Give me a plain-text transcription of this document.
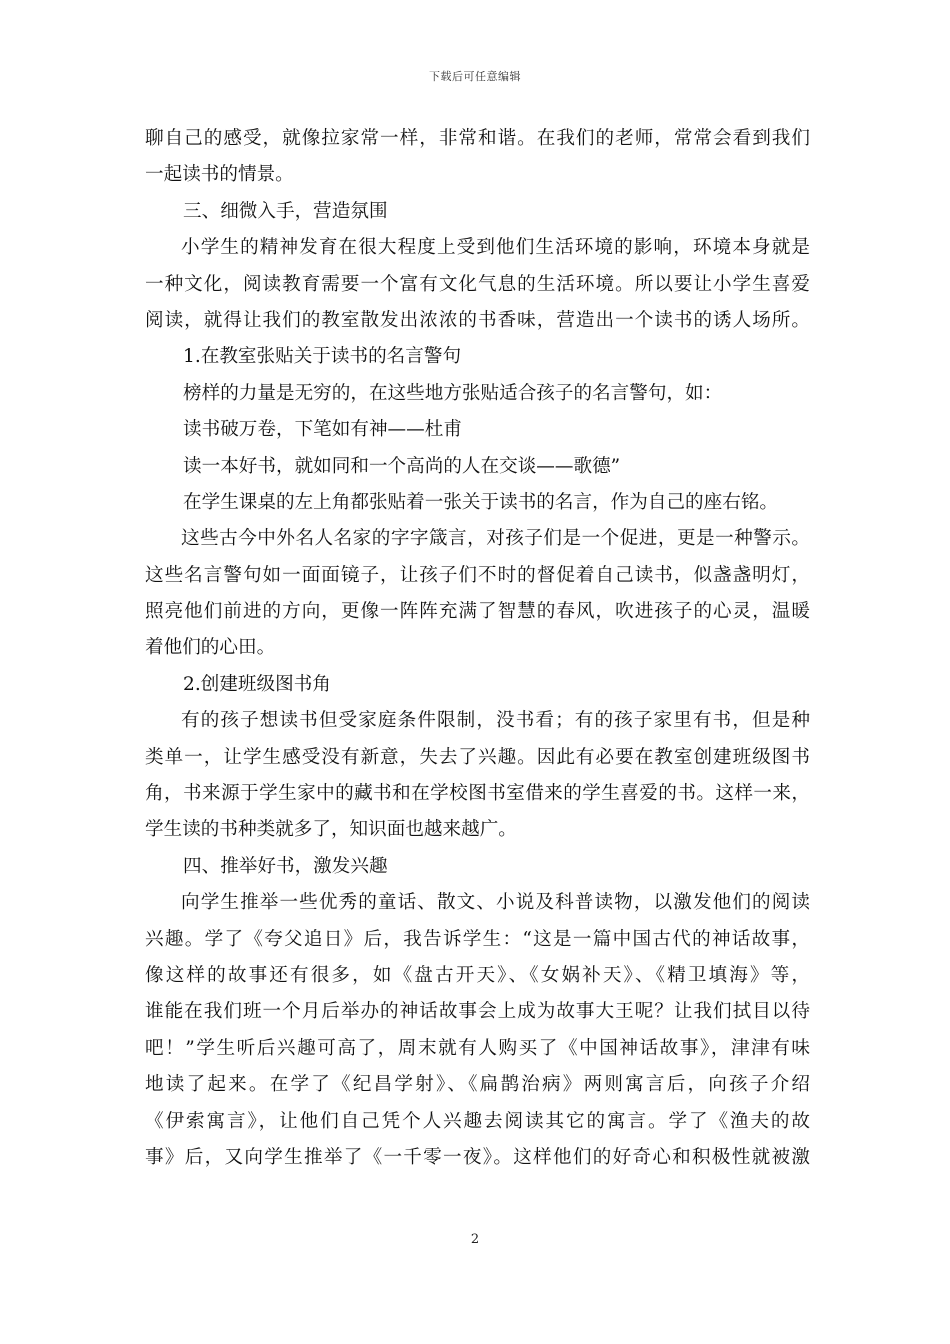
下载后可任意编辑
聊自己的感受，就像拉家常一样，非常和谐。在我们的老师，常常会看到我们
一起读书的情景。
三、细微入手，营造氛围
小学生的精神发育在很大程度上受到他们生活环境的影响，环境本身就是
一种文化，阅读教育需要一个富有文化气息的生活环境。所以要让小学生喜爱
阅读，就得让我们的教室散发出浓浓的书香味，营造出一个读书的诱人场所。
1.在教室张贴关于读书的名言警句
榜样的力量是无穷的，在这些地方张贴适合孩子的名言警句，如：
读书破万卷，下笔如有神——杜甫
读一本好书，就如同和一个高尚的人在交谈——歌德”
在学生课桌的左上角都张贴着一张关于读书的名言，作为自己的座右铭。
这些古今中外名人名家的字字箴言，对孩子们是一个促进，更是一种警示。
这些名言警句如一面面镜子，让孩子们不时的督促着自己读书，似盏盏明灯，
照亮他们前进的方向，更像一阵阵充满了智慧的春风，吹进孩子的心灵，温暖
着他们的心田。
2.创建班级图书角
有的孩子想读书但受家庭条件限制，没书看；有的孩子家里有书，但是种
类单一，让学生感受没有新意，失去了兴趣。因此有必要在教室创建班级图书
角，书来源于学生家中的藏书和在学校图书室借来的学生喜爱的书。这样一来，
学生读的书种类就多了，知识面也越来越广。
四、推举好书，激发兴趣
向学生推举一些优秀的童话、散文、小说及科普读物，以激发他们的阅读
兴趣。学了《夸父追日》后，我告诉学生：“这是一篇中国古代的神话故事，
像这样的故事还有很多，如《盘古开天》、《女娲补天》、《精卫填海》等，
谁能在我们班一个月后举办的神话故事会上成为故事大王呢？让我们拭目以待
吧！”学生听后兴趣可高了，周末就有人购买了《中国神话故事》，津津有味
地读了起来。在学了《纪昌学射》、《扁鹊治病》两则寓言后，向孩子介绍
《伊索寓言》，让他们自己凭个人兴趣去阅读其它的寓言。学了《渔夫的故
事》后，又向学生推举了《一千零一夜》。这样他们的好奇心和积极性就被激
2
